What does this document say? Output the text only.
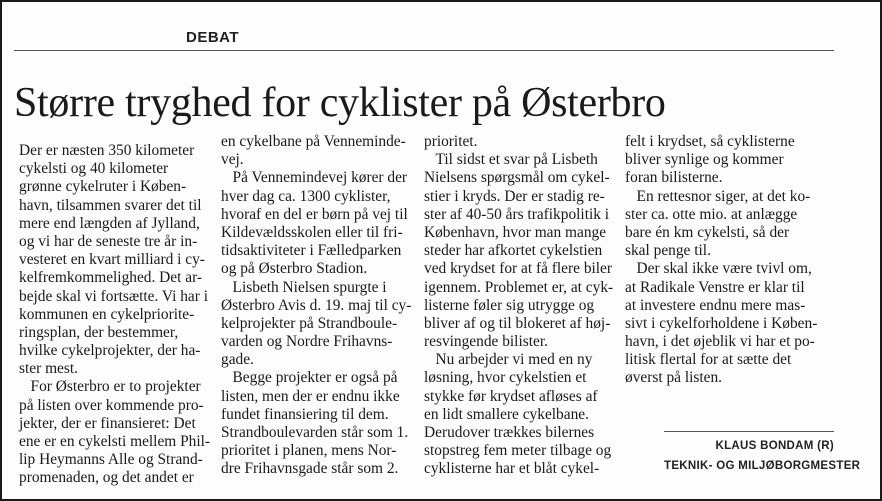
DEBAT
Større tryghed for cyklister på Østerbro
Der er næsten 350 kilometer
cykelsti og 40 kilometer
grønne cykelruter i Køben-
havn, tilsammen svarer det til
mere end længden af Jylland,
og vi har de seneste tre år in-
vesteret en kvart milliard i cy-
kelfremkommelighed. Det ar-
bejde skal vi fortsætte. Vi har i
kommunen en cykelprioritе-
ringsplan, der bestemmer,
hvilke cykelprojekter, der ha-
ster mest.
For Østerbro er to projekter
på listen over kommende pro-
jekter, der er finansieret: Det
ene er en cykelsti mellem Phil-
lip Heymanns Alle og Strand-
promenaden, og det andet er
en cykelbane på Venneminde-
vej.
På Vennemindevej kører der
hver dag ca. 1300 cyklister,
hvoraf en del er børn på vej til
Kildevældsskolen eller til fri-
tidsaktiviteter i Fælledparken
og på Østerbro Stadion.
Lisbeth Nielsen spurgte i
Østerbro Avis d. 19. maj til cy-
kelprojekter på Strandboule-
varden og Nordre Frihavns-
gade.
Begge projekter er også på
listen, men der er endnu ikke
fundet finansiering til dem.
Strandboulevarden står som 1.
prioritet i planen, mens Nor-
dre Frihavnsgade står som 2.
prioritet.
Til sidst et svar på Lisbeth
Nielsens spørgsmål om cykel-
stier i kryds. Der er stadig re-
ster af 40-50 års trafikpolitik i
København, hvor man mange
steder har afkortet cykelstien
ved krydset for at få flere biler
igennem. Problemet er, at cyk-
listerne føler sig utrygge og
bliver af og til blokeret af høj-
resvingende bilister.
Nu arbejder vi med en ny
løsning, hvor cykelstien et
stykke før krydset afløses af
en lidt smallere cykelbane.
Derudover trækkes bilernes
stopstreg fem meter tilbage og
cyklisterne har et blåt cykel-
felt i krydset, så cyklisterne
bliver synlige og kommer
foran bilisterne.
En rettesnor siger, at det ko-
ster ca. otte mio. at anlægge
bare én km cykelsti, så der
skal penge til.
Der skal ikke være tvivl om,
at Radikale Venstre er klar til
at investere endnu mere mas-
sivt i cykelforholdene i Køben-
havn, i det øjeblik vi har et po-
litisk flertal for at sætte det
øverst på listen.
KLAUS BONDAM (R)
TEKNIK- OG MILJØBORGMESTER
